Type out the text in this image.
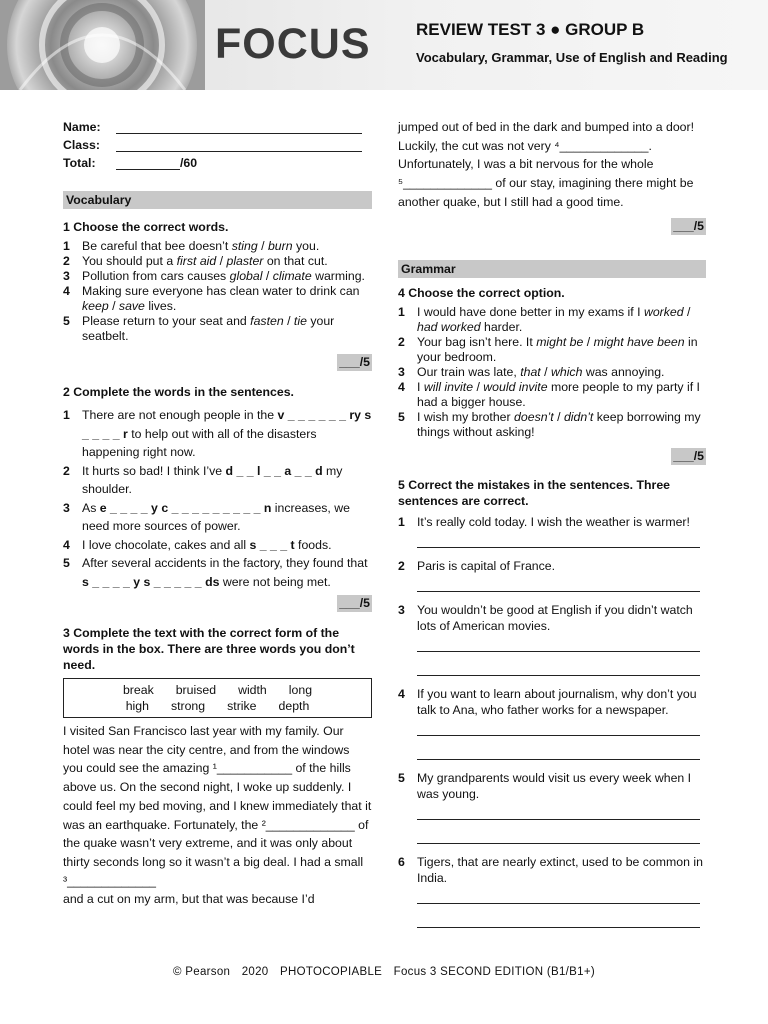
FOCUS	REVIEW TEST 3 ● GROUP B
Vocabulary, Grammar, Use of English and Reading
Name:
Class:
Total:	/60
Vocabulary
1 Choose the correct words.
1 Be careful that bee doesn’t sting / burn you.
2 You should put a first aid / plaster on that cut.
3 Pollution from cars causes global / climate warming.
4 Making sure everyone has clean water to drink can keep / save lives.
5 Please return to your seat and fasten / tie your seatbelt.
___/5
2 Complete the words in the sentences.
1 There are not enough people in the v _ _ _ _ _ _ ry s _ _ _ _ r to help out with all of the disasters happening right now.
2 It hurts so bad! I think I’ve d _ _ l _ _ a _ _ d my shoulder.
3 As e _ _ _ _ y c _ _ _ _ _ _ _ _ _ n increases, we need more sources of power.
4 I love chocolate, cakes and all s _ _ _ t foods.
5 After several accidents in the factory, they found that s _ _ _ _ y s _ _ _ _ _ ds were not being met.
___/5
3 Complete the text with the correct form of the words in the box. There are three words you don’t need.
break bruised width long
high strong strike depth
I visited San Francisco last year with my family. Our hotel was near the city centre, and from the windows you could see the amazing ¹___________ of the hills above us. On the second night, I woke up suddenly. I could feel my bed moving, and I knew immediately that it was an earthquake. Fortunately, the ²_____________ of the quake wasn’t very extreme, and it was only about thirty seconds long so it wasn’t a big deal. I had a small ³_____________
and a cut on my arm, but that was because I’d
jumped out of bed in the dark and bumped into a door! Luckily, the cut was not very ⁴_____________. Unfortunately, I was a bit nervous for the whole ⁵_____________ of our stay, imagining there might be another quake, but I still had a good time.
___/5
Grammar
4 Choose the correct option.
1 I would have done better in my exams if I worked / had worked harder.
2 Your bag isn’t here. It might be / might have been in your bedroom.
3 Our train was late, that / which was annoying.
4 I will invite / would invite more people to my party if I had a bigger house.
5 I wish my brother doesn’t / didn’t keep borrowing my things without asking!
___/5
5 Correct the mistakes in the sentences. Three sentences are correct.
1 It’s really cold today. I wish the weather is warmer!
2 Paris is capital of France.
3 You wouldn’t be good at English if you didn’t watch lots of American movies.
4 If you want to learn about journalism, why don’t you talk to Ana, who father works for a newspaper.
5 My grandparents would visit us every week when I was young.
6 Tigers, that are nearly extinct, used to be common in India.
© Pearson 2020 PHOTOCOPIABLE Focus 3 SECOND EDITION (B1/B1+)
